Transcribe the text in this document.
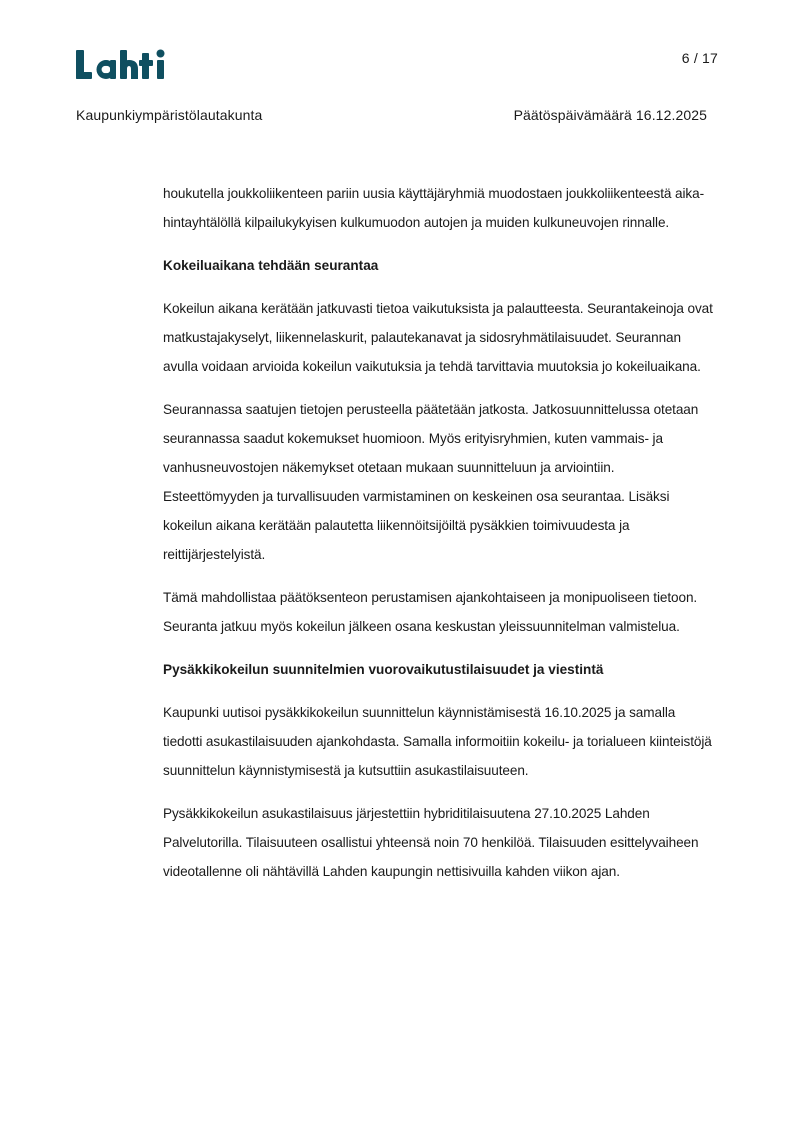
6 / 17
Kaupunkiympäristölautakunta	Päätöspäivämäärä 16.12.2025

houkutella joukkoliikenteen pariin uusia käyttäjäryhmiä muodostaen joukkoliikenteestä aika-hintayhtälöllä kilpailukykyisen kulkumuodon autojen ja muiden kulkuneuvojen rinnalle.

Kokeiluaikana tehdään seurantaa

Kokeilun aikana kerätään jatkuvasti tietoa vaikutuksista ja palautteesta. Seurantakeinoja ovat matkustajakyselyt, liikennelaskurit, palautekanavat ja sidosryhmätilaisuudet. Seurannan avulla voidaan arvioida kokeilun vaikutuksia ja tehdä tarvittavia muutoksia jo kokeiluaikana.

Seurannassa saatujen tietojen perusteella päätetään jatkosta. Jatkosuunnittelussa otetaan seurannassa saadut kokemukset huomioon. Myös erityisryhmien, kuten vammais- ja vanhusneuvostojen näkemykset otetaan mukaan suunnitteluun ja arviointiin. Esteettömyyden ja turvallisuuden varmistaminen on keskeinen osa seurantaa. Lisäksi kokeilun aikana kerätään palautetta liikennöitsijöiltä pysäkkien toimivuudesta ja reittijärjestelyistä.

Tämä mahdollistaa päätöksenteon perustamisen ajankohtaiseen ja monipuoliseen tietoon. Seuranta jatkuu myös kokeilun jälkeen osana keskustan yleissuunnitelman valmistelua.

Pysäkkikokeilun suunnitelmien vuorovaikutustilaisuudet ja viestintä

Kaupunki uutisoi pysäkkikokeilun suunnittelun käynnistämisestä 16.10.2025 ja samalla tiedotti asukastilaisuuden ajankohdasta. Samalla informoitiin kokeilu- ja torialueen kiinteistöjä suunnittelun käynnistymisestä ja kutsuttiin asukastilaisuuteen.

Pysäkkikokeilun asukastilaisuus järjestettiin hybriditilaisuutena 27.10.2025 Lahden Palvelutorilla. Tilaisuuteen osallistui yhteensä noin 70 henkilöä. Tilaisuuden esittelyvaiheen videotallenne oli nähtävillä Lahden kaupungin nettisivuilla kahden viikon ajan.
